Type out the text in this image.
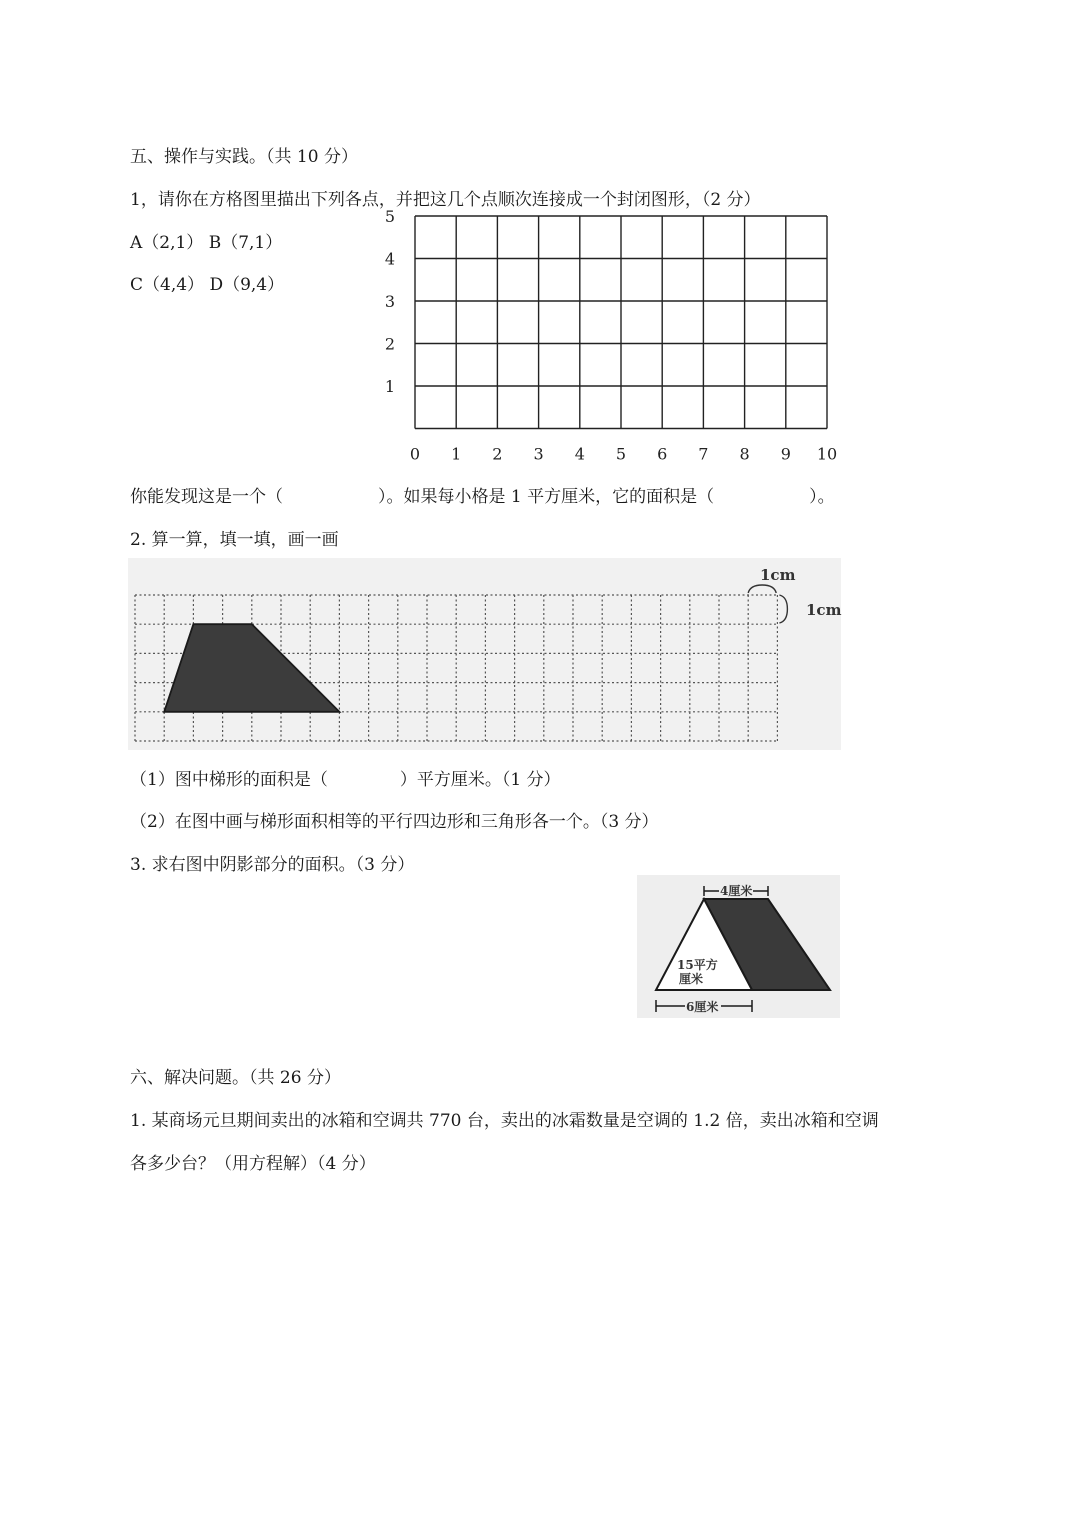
五、操作与实践。（共 10 分）
1，请你在方格图里描出下列各点，并把这几个点顺次连接成一个封闭图形，（2 分）
A（2,1） B（7,1）
C（4,4） D（9,4）
0 1 2 3 4 5 6 7 8 9 10
1
2
3
4
5
你能发现这是一个（	）。如果每小格是 1 平方厘米，它的面积是（	）。
2. 算一算，填一填，画一画
1cm
1cm
（1）图中梯形的面积是（	）平方厘米。（1 分）
（2）在图中画与梯形面积相等的平行四边形和三角形各一个。（3 分）
3. 求右图中阴影部分的面积。（3 分）
4厘米
6厘米
15平方
厘米
六、解决问题。（共 26 分）
1. 某商场元旦期间卖出的冰箱和空调共 770 台，卖出的冰霜数量是空调的 1.2 倍，卖出冰箱和空调
各多少台？（用方程解）（4 分）
